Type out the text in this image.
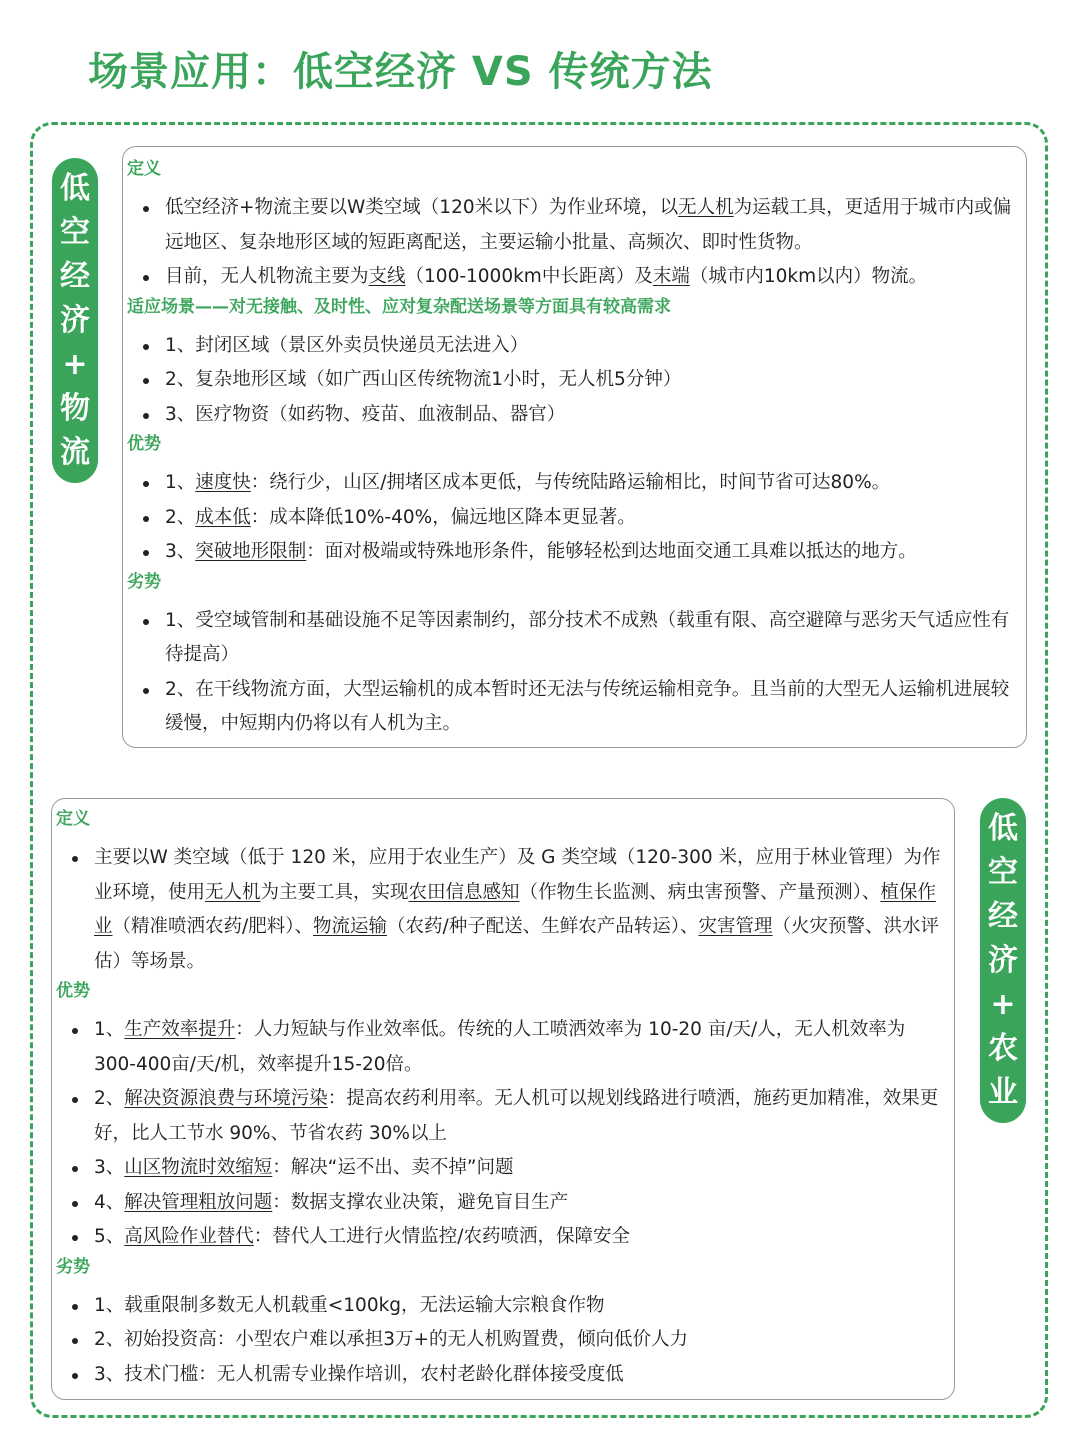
场景应用：低空经济 VS 传统方法
低
空
经
济
+
物
流
定义
低空经济+物流主要以W类空域（120米以下）为作业环境，以无人机为运载工具，更适用于城市内或偏远地区、复杂地形区域的短距离配送，主要运输小批量、高频次、即时性货物。
目前，无人机物流主要为支线（100-1000km中长距离）及末端（城市内10km以内）物流。
适应场景——对无接触、及时性、应对复杂配送场景等方面具有较高需求
1、封闭区域（景区外卖员快递员无法进入）
2、复杂地形区域（如广西山区传统物流1小时，无人机5分钟）
3、医疗物资（如药物、疫苗、血液制品、器官）
优势
1、速度快：绕行少，山区/拥堵区成本更低，与传统陆路运输相比，时间节省可达80%。
2、成本低：成本降低10%-40%，偏远地区降本更显著。
3、突破地形限制：面对极端或特殊地形条件，能够轻松到达地面交通工具难以抵达的地方。
劣势
1、受空域管制和基础设施不足等因素制约，部分技术不成熟（载重有限、高空避障与恶劣天气适应性有待提高）
2、在干线物流方面，大型运输机的成本暂时还无法与传统运输相竞争。且当前的大型无人运输机进展较缓慢，中短期内仍将以有人机为主。
定义
主要以W 类空域（低于 120 米，应用于农业生产）及 G 类空域（120-300 米，应用于林业管理）为作业环境，使用无人机为主要工具，实现农田信息感知（作物生长监测、病虫害预警、产量预测）、植保作业（精准喷洒农药/肥料）、物流运输（农药/种子配送、生鲜农产品转运）、灾害管理（火灾预警、洪水评估）等场景。
优势
1、生产效率提升：人力短缺与作业效率低。传统的人工喷洒效率为 10-20 亩/天/人，无人机效率为300-400亩/天/机，效率提升15-20倍。
2、解决资源浪费与环境污染：提高农药利用率。无人机可以规划线路进行喷洒，施药更加精准，效果更好，比人工节水 90%、节省农药 30%以上
3、山区物流时效缩短：解决“运不出、卖不掉”问题
4、解决管理粗放问题：数据支撑农业决策，避免盲目生产
5、高风险作业替代：替代人工进行火情监控/农药喷洒，保障安全
劣势
1、载重限制多数无人机载重<100kg，无法运输大宗粮食作物
2、初始投资高：小型农户难以承担3万+的无人机购置费，倾向低价人力
3、技术门槛：无人机需专业操作培训，农村老龄化群体接受度低
低
空
经
济
+
农
业
